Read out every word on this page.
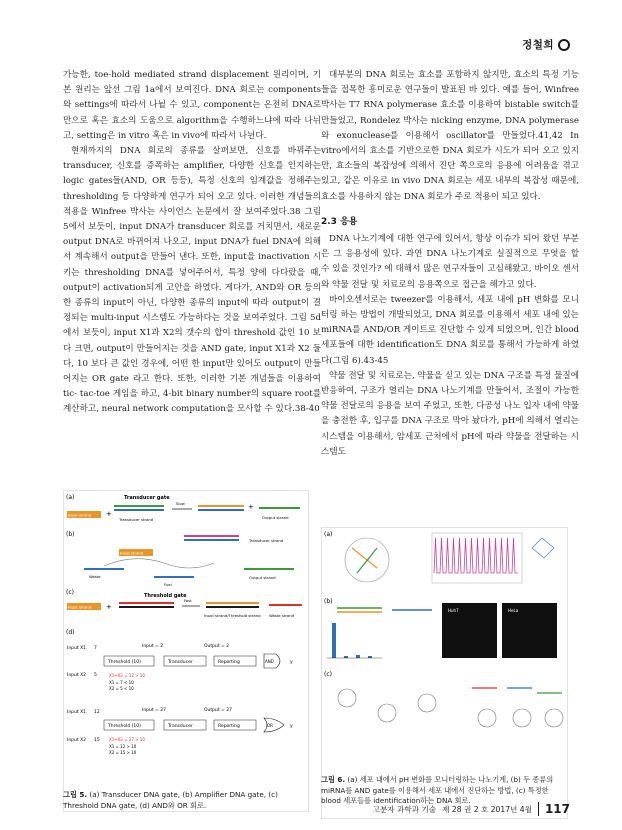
정철희

가능한, toe-hold mediated strand displacement 원리이며, 기본 원리는 앞선 그림 1a에서 보여진다. DNA 회로는 components와 settings에 따라서 나뉠 수 있고, component는 온전히 DNA로만으로 혹은 효소의 도움으로 algorithm을 수행하느냐에 따라 나뉘고, setting은 in vitro 혹은 in vivo에 따라서 나뉜다.

현재까지의 DNA 회로의 종류를 살펴보면, 신호를 바꿔주는 transducer, 신호를 증폭하는 amplifier, 다양한 신호를 인지하는 logic gates들(AND, OR 등등), 특정 신호의 임계값을 정해주는 thresholding 등 다양하게 연구가 되어 오고 있다. 이러한 개념들의 적용을 Winfree 박사는 사이언스 논문에서 잘 보여주었다.38 그림 5에서 보듯이, input DNA가 transducer 회로를 거치면서, 새로운 output DNA로 바뀌어져 나오고, input DNA가 fuel DNA에 의해서 계속해서 output을 만들어 낸다. 또한, input을 inactivation 시키는 thresholding DNA를 넣어주어서, 특정 양에 다다랐을 때, output이 activation되게 고안을 하였다. 게다가, AND와 OR 등의 한 종류의 input이 아닌, 다양한 종류의 input에 따라 output이 결정되는 multi-input 시스템도 가능하다는 것을 보여주었다. 그림 5d에서 보듯이, input X1과 X2의 갯수의 합이 threshold 값인 10 보다 크면, output이 만들어지는 것을 AND gate, input X1과 X2 둘다, 10 보다 큰 값인 경우에, 어떤 한 input만 있어도 output이 만들어지는 OR gate 라고 한다. 또한, 이러한 기본 개념들을 이용하여 tic- tac-toe 게임을 하고, 4-bit binary number의 square root를 계산하고, neural network computation을 모사할 수 있다.38-40

대부분의 DNA 회로는 효소를 포함하지 않지만, 효소의 특정 기능들을 접목한 흥미로운 연구들이 발표된 바 있다. 예를 들어, Winfree 박사는 T7 RNA polymerase 효소를 이용하여 bistable switch를 만들었고, Rondelez 박사는 nicking enzyme, DNA polymerase와 exonuclease를 이용해서 oscillator를 만들었다.41,42 In vitro에서의 효소를 기반으로한 DNA 회로가 시도가 되어 오고 있지만, 효소들의 복잡성에 의해서 진단 쪽으로의 응용에 어려움을 겪고 있고, 같은 이유로 in vivo DNA 회로는 세포 내부의 복잡성 때문에, 효소를 사용하지 않는 DNA 회로가 주로 적용이 되고 있다.

2.3 응용

DNA 나노기계에 대한 연구에 있어서, 항상 이슈가 되어 왔던 부분은 그 응용성에 있다. 과연 DNA 나노기계로 실질적으로 무엇을 할 수 있을 것인가? 에 대해서 많은 연구자들이 고심해왔고, 바이오 센서와 약물 전달 및 치료로의 응용쪽으로 접근을 해가고 있다.

바이오센서로는 tweezer를 이용해서, 세포 내에 pH 변화를 모니터링 하는 방법이 개발되었고, DNA 회로를 이용해서 세포 내에 있는 miRNA를 AND/OR 게이트로 진단할 수 있게 되었으며, 인간 blood 세포들에 대한 identification도 DNA 회로를 통해서 가능하게 하였다(그림 6).43-45

약물 전달 및 치료로는, 약물을 싣고 있는 DNA 구조를 특정 물질에 반응하여, 구조가 열리는 DNA 나노기계를 만들어서, 조절이 가능한 약물 전달로의 응용을 보여 주었고, 또한, 다공성 나노 입자 내에 약물을 충전한 후, 입구를 DNA 구조로 막아 놨다가, pH에 의해서 열리는 시스템을 이용해서, 암세포 근처에서 pH에 따라 약물을 전달하는 시스템도

(a)	Transducer gate
Input strand +
Transducer strand
Slow	+
Output strand
(b)
Transducer strand
Input strand
Waste
Fuel
Output strand
(c)	Threshold gate
Input strand +
Fast
Input strand/Threshold strand Waste strand
(d)
Input X1 7
Input X2 5
Input = 2	Output = 2
Threshold (10)	Transducer	Reporting	AND	y
X1+X2 = 12 > 10
X1 = 7 < 10
X2 = 5 < 10
Input X1 12
Input X2 15
Input = 27	Output = 27
Threshold (10)	Transducer	Reporting	OR	y
X1+X2 = 27 > 10
X1 = 12 > 10
X2 = 15 > 10
그림 5. (a) Transducer DNA gate, (b) Amplifier DNA gate, (c) Threshold DNA gate, (d) AND와 OR 회로.
(a)
(b)
HeLa
Huh7
(c)
그림 6. (a) 세포 내에서 pH 변화를 모니터링하는 나노기계, (b) 두 종류의 miRNA를 AND gate를 이용해서 세포 내에서 진단하는 방법, (c) 특정한 blood 세포들를 identification하는 DNA 회로.
고분자 과학과 기술 제 28 권 2 호 2017년 4월 117
